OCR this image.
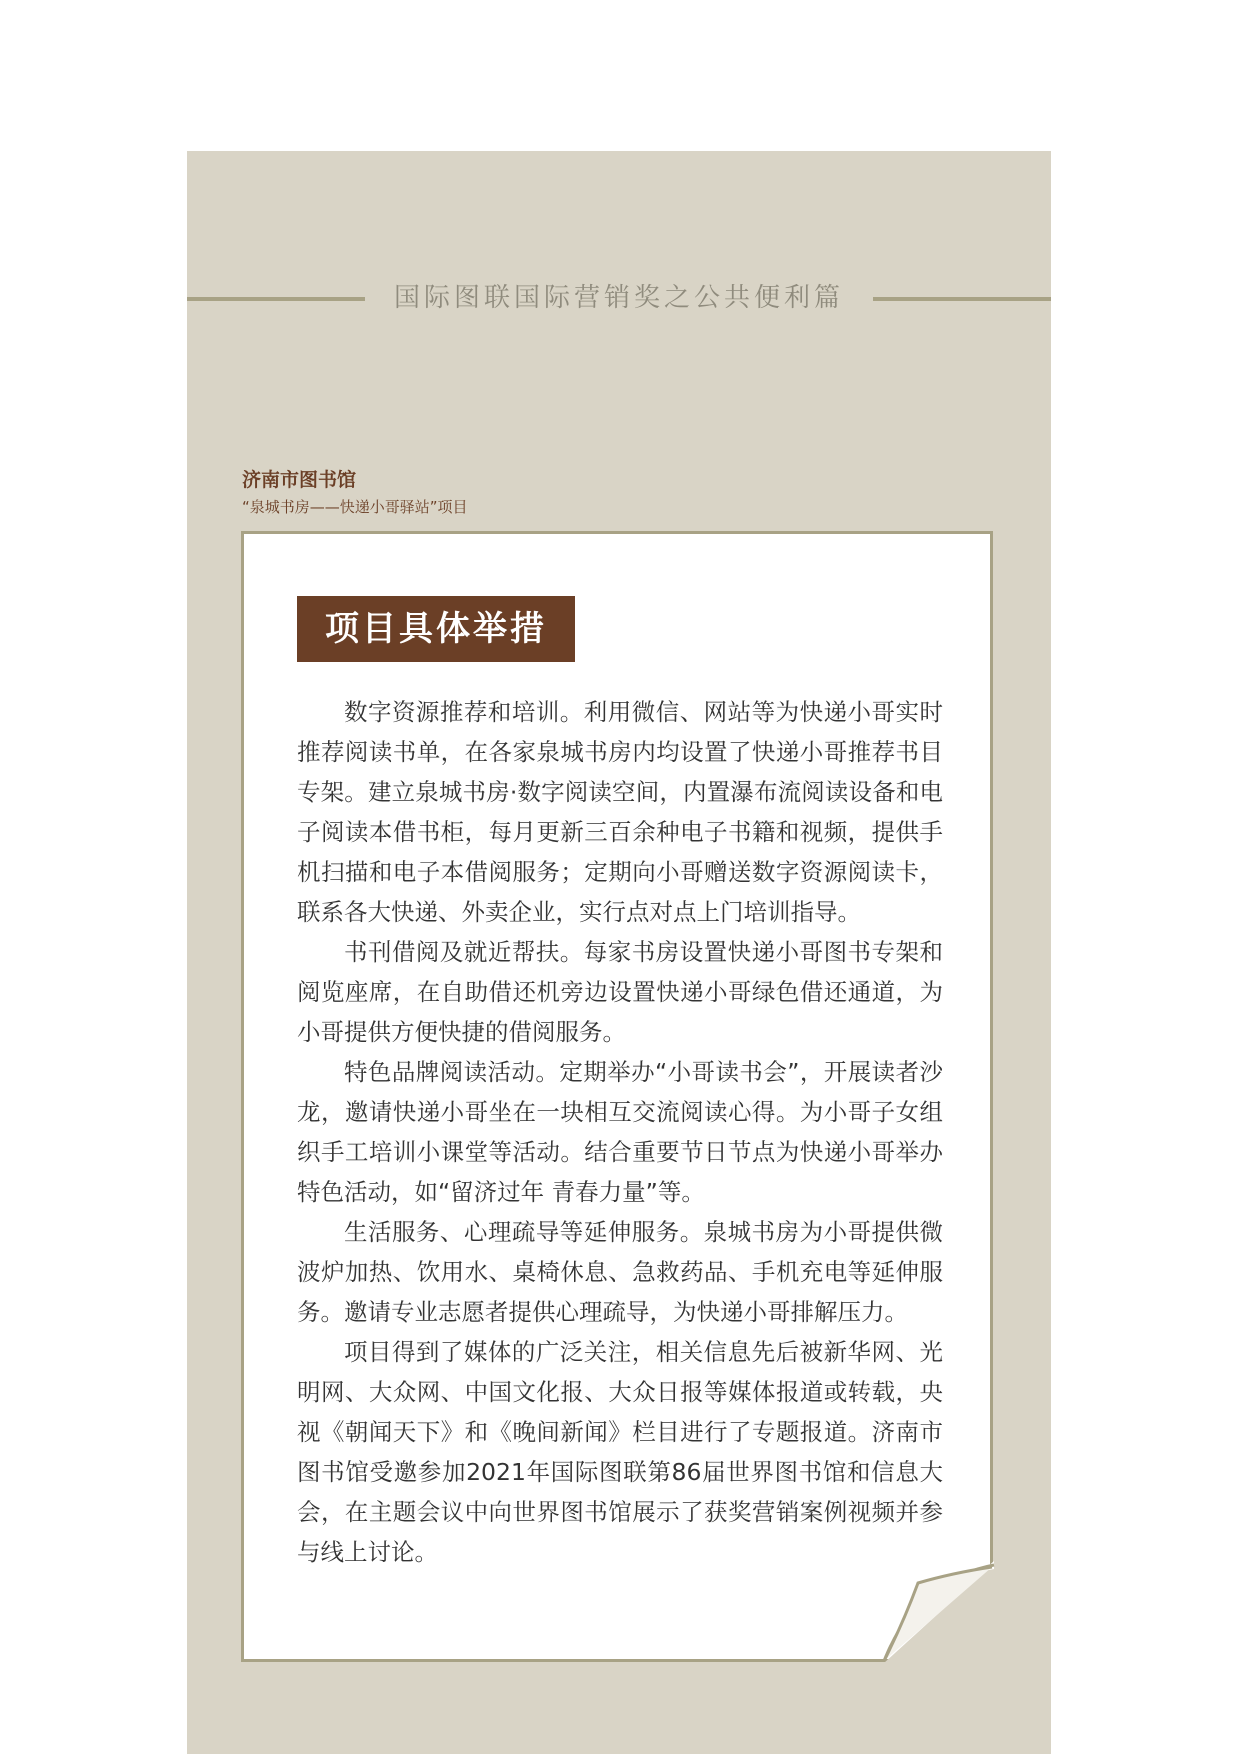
国际图联国际营销奖之公共便利篇
济南市图书馆
“泉城书房——快递小哥驿站”项目
项目具体举措

数字资源推荐和培训。利用微信、网站等为快递小哥实时推荐阅读书单，在各家泉城书房内均设置了快递小哥推荐书目专架。建立泉城书房·数字阅读空间，内置瀑布流阅读设备和电子阅读本借书柜，每月更新三百余种电子书籍和视频，提供手机扫描和电子本借阅服务；定期向小哥赠送数字资源阅读卡，联系各大快递、外卖企业，实行点对点上门培训指导。

书刊借阅及就近帮扶。每家书房设置快递小哥图书专架和阅览座席，在自助借还机旁边设置快递小哥绿色借还通道，为小哥提供方便快捷的借阅服务。

特色品牌阅读活动。定期举办“小哥读书会”，开展读者沙龙，邀请快递小哥坐在一块相互交流阅读心得。为小哥子女组织手工培训小课堂等活动。结合重要节日节点为快递小哥举办特色活动，如“留济过年 青春力量”等。

生活服务、心理疏导等延伸服务。泉城书房为小哥提供微波炉加热、饮用水、桌椅休息、急救药品、手机充电等延伸服务。邀请专业志愿者提供心理疏导，为快递小哥排解压力。

项目得到了媒体的广泛关注，相关信息先后被新华网、光明网、大众网、中国文化报、大众日报等媒体报道或转载，央视《朝闻天下》和《晚间新闻》栏目进行了专题报道。济南市图书馆受邀参加2021年国际图联第86届世界图书馆和信息大会，在主题会议中向世界图书馆展示了获奖营销案例视频并参与线上讨论。
